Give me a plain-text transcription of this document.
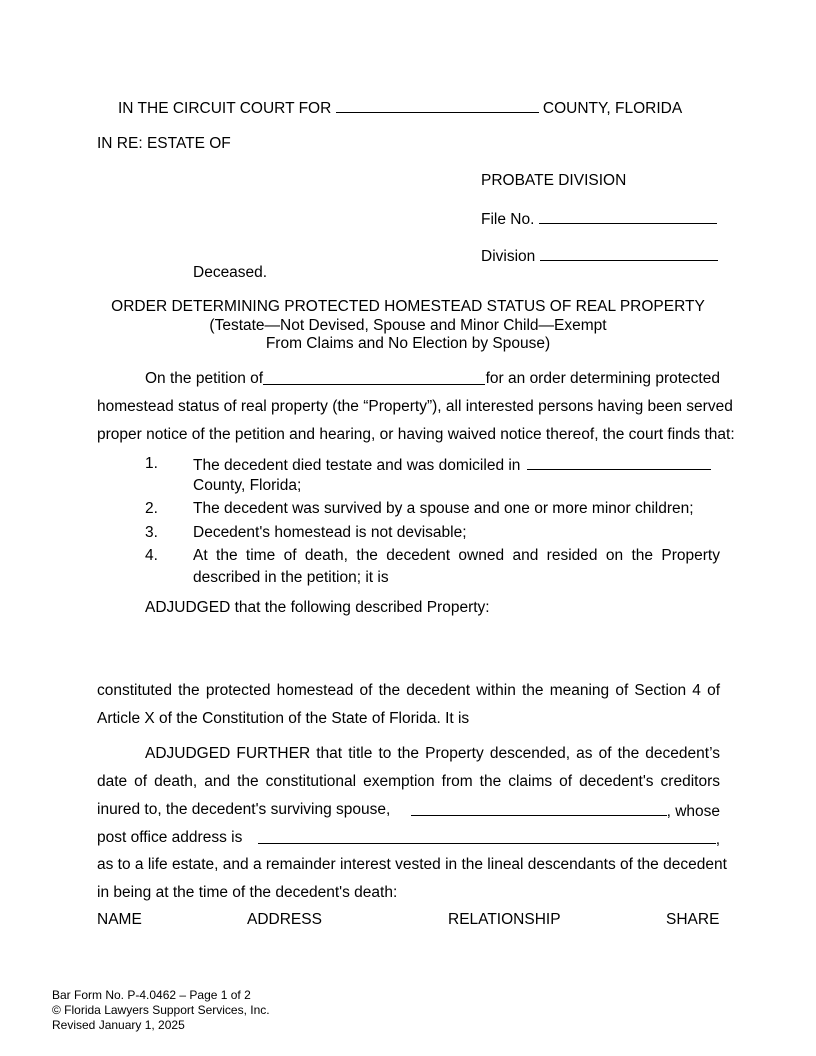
IN THE CIRCUIT COURT FOR	COUNTY, FLORIDA
IN RE: ESTATE OF
PROBATE DIVISION
File No.
Division
Deceased.
ORDER DETERMINING PROTECTED HOMESTEAD STATUS OF REAL PROPERTY
(Testate—Not Devised, Spouse and Minor Child—Exempt
From Claims and No Election by Spouse)
On the petition of	for an order determining protected
homestead status of real property (the “Property”), all interested persons having been served
proper notice of the petition and hearing, or having waived notice thereof, the court finds that:
1. The decedent died testate and was domiciled in
County, Florida;
2. The decedent was survived by a spouse and one or more minor children;
3. Decedent's homestead is not devisable;
4. At the time of death, the decedent owned and resided on the Property
described in the petition; it is
ADJUDGED that the following described Property:
constituted the protected homestead of the decedent within the meaning of Section 4 of
Article X of the Constitution of the State of Florida. It is
ADJUDGED FURTHER that title to the Property descended, as of the decedent’s
date of death, and the constitutional exemption from the claims of decedent's creditors
inured to, the decedent's surviving spouse,	, whose
post office address is	,
as to a life estate, and a remainder interest vested in the lineal descendants of the decedent
in being at the time of the decedent's death:
NAME	ADDRESS	RELATIONSHIP	SHARE
Bar Form No. P-4.0462 – Page 1 of 2
© Florida Lawyers Support Services, Inc.
Revised January 1, 2025
